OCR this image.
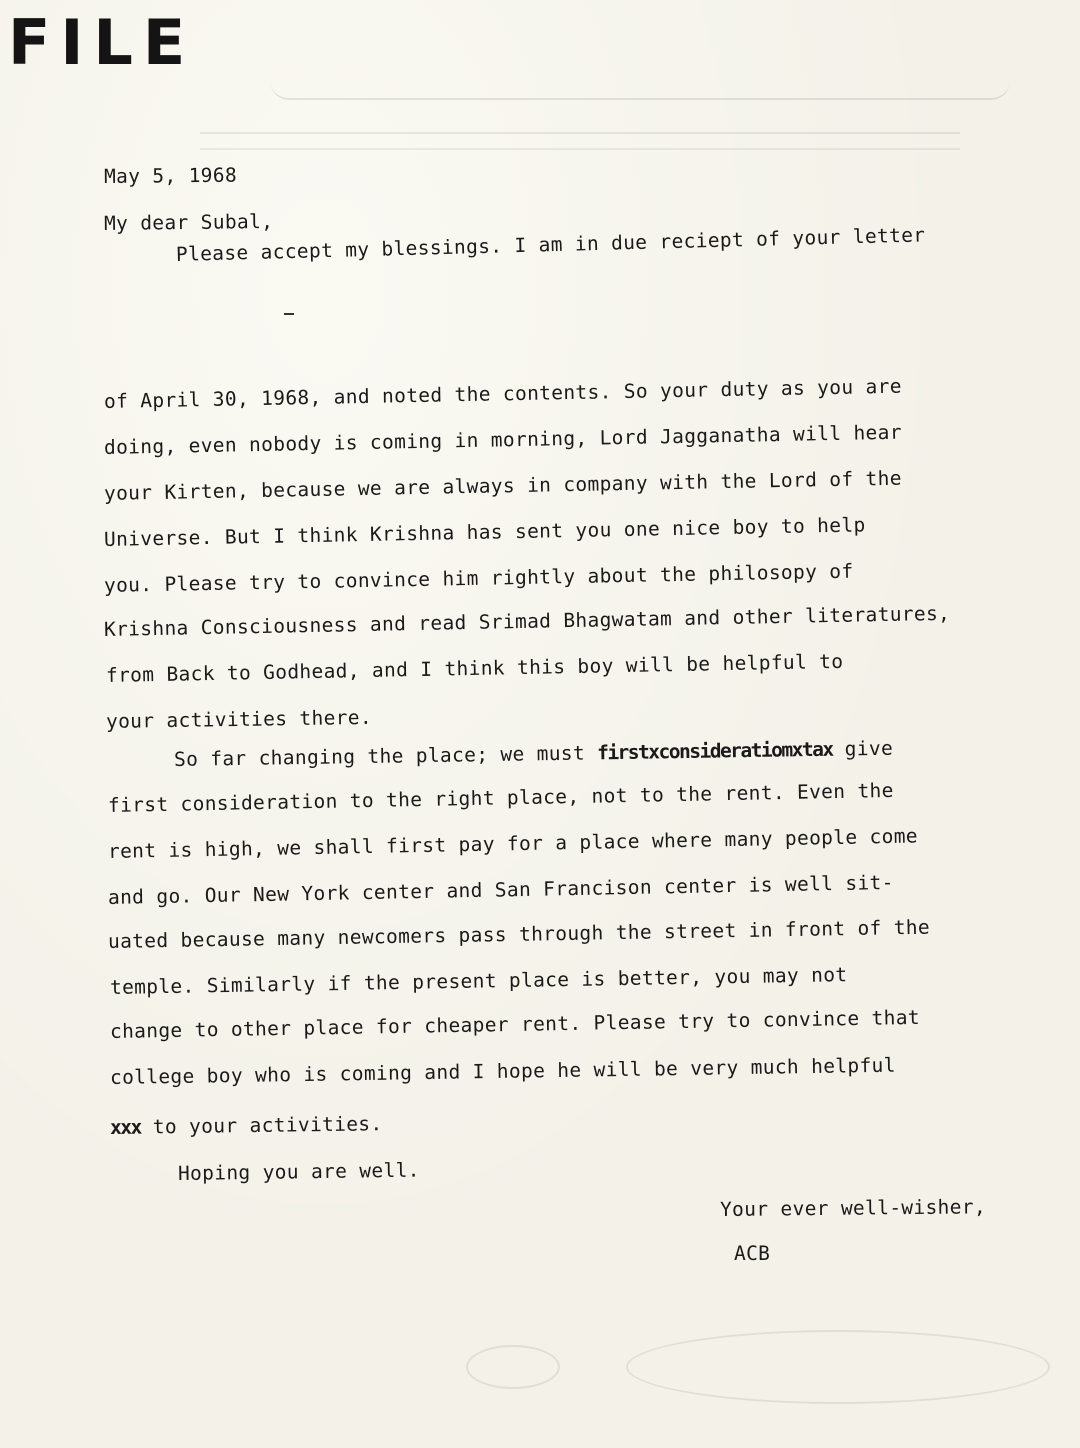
FILE
May 5, 1968
My dear Subal,
Please accept my blessings. I am in due reciept of your letter
of April 30, 1968, and noted the contents. So your duty as you are
doing, even nobody is coming in morning, Lord Jagganatha will hear
your Kirten, because we are always in company with the Lord of the
Universe. But I think Krishna has sent you one nice boy to help
you. Please try to convince him rightly about the philosopy of
Krishna Consciousness and read Srimad Bhagwatam and other literatures,
from Back to Godhead, and I think this boy will be helpful to
your activities there.
So far changing the place; we must firstxconsideratiomxtax give
first consideration to the right place, not to the rent. Even the
rent is high, we shall first pay for a place where many people come
and go. Our New York center and San Francison center is well sit-
uated because many newcomers pass through the street in front of the
temple. Similarly if the present place is better, you may not
change to other place for cheaper rent. Please try to convince that
college boy who is coming and I hope he will be very much helpful
xxx to your activities.
Hoping you are well.
Your ever well-wisher,
ACB
